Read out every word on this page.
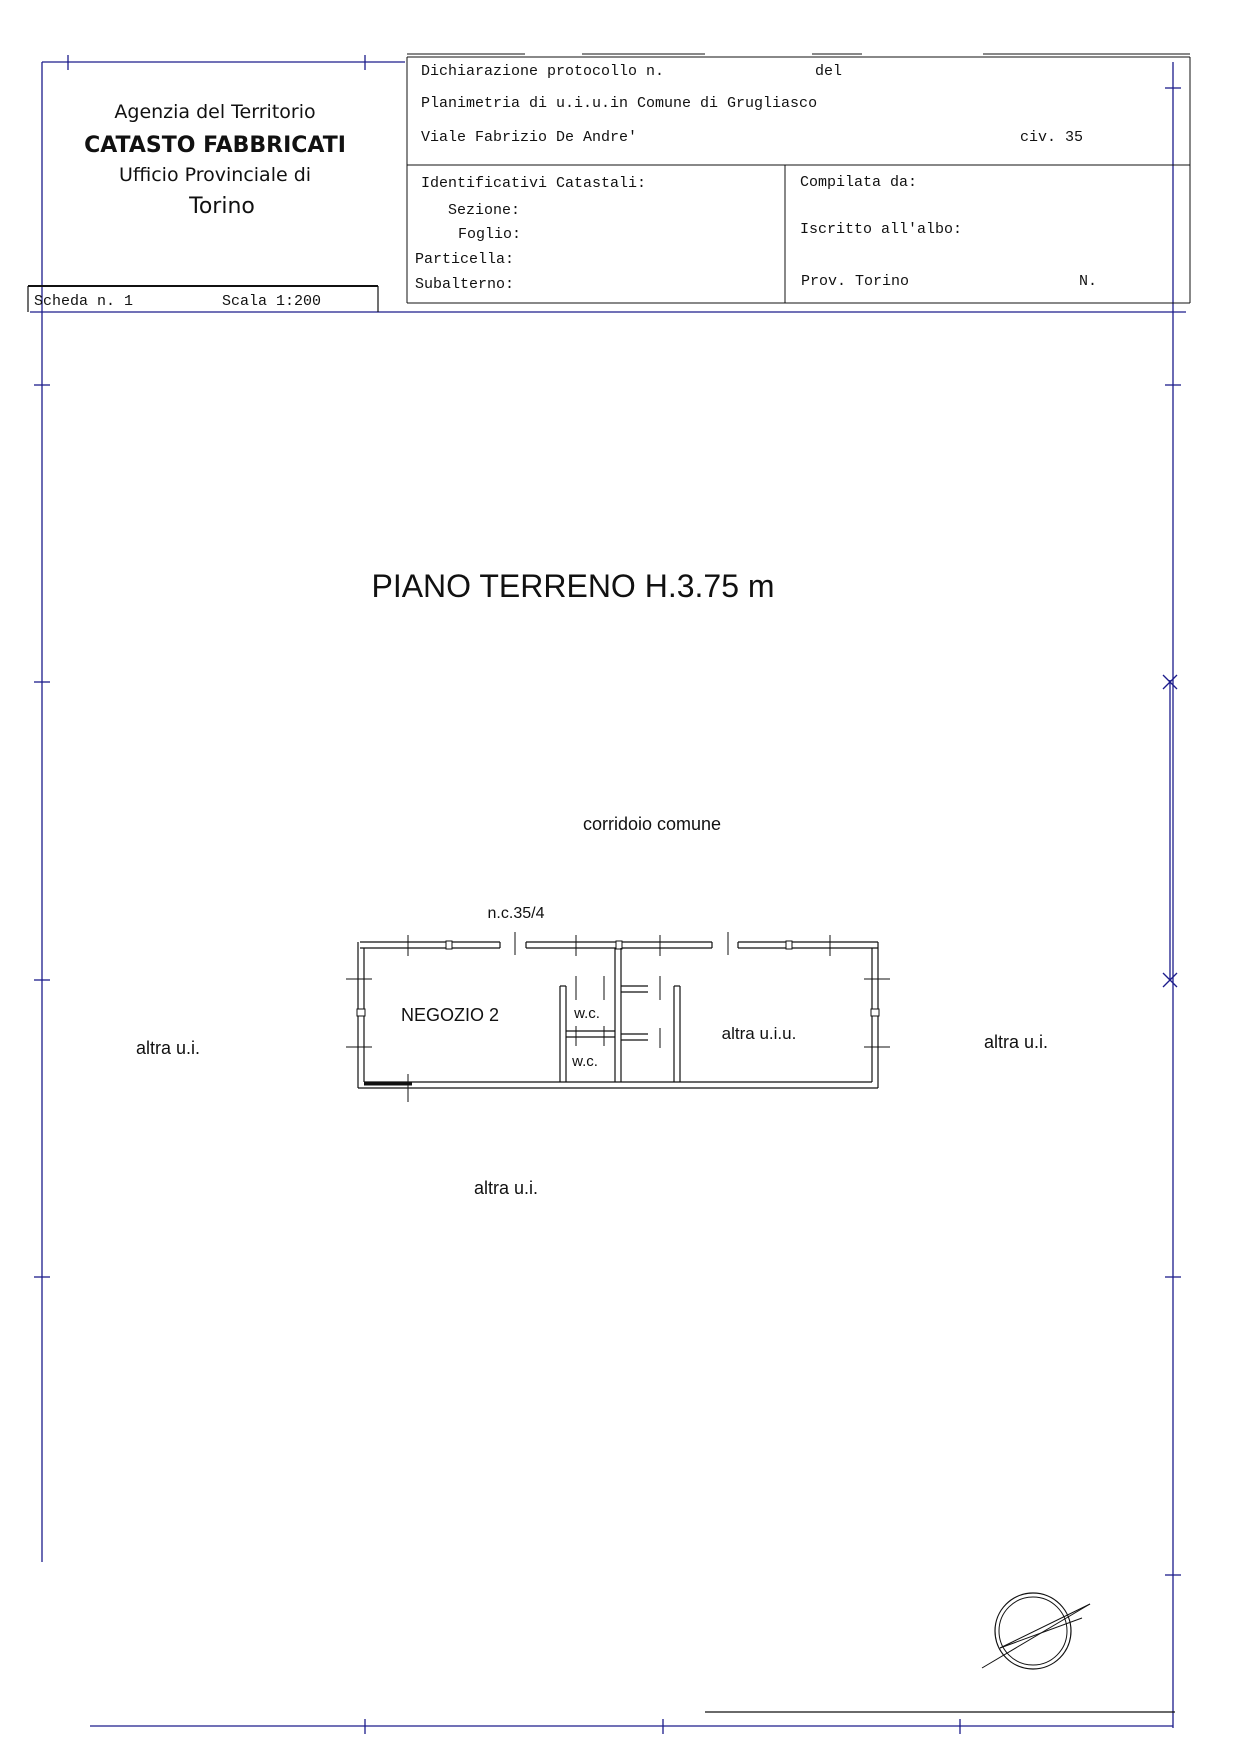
Agenzia del Territorio
CATASTO FABBRICATI
Ufficio Provinciale di
Torino
Scheda n. 1	Scala 1:200
Dichiarazione protocollo n.	del
Planimetria di u.i.u.in Comune di Grugliasco
Viale Fabrizio De Andre'	civ. 35
Identificativi Catastali:
Sezione:
Foglio:
Particella:
Subalterno:
Compilata da:
Iscritto all'albo:
Prov. Torino	N.
PIANO TERRENO H.3.75 m
corridoio comune
n.c.35/4
altra u.i.	altra u.i.
altra u.i.
NEGOZIO 2	w.c.
w.c.
altra u.i.u.
